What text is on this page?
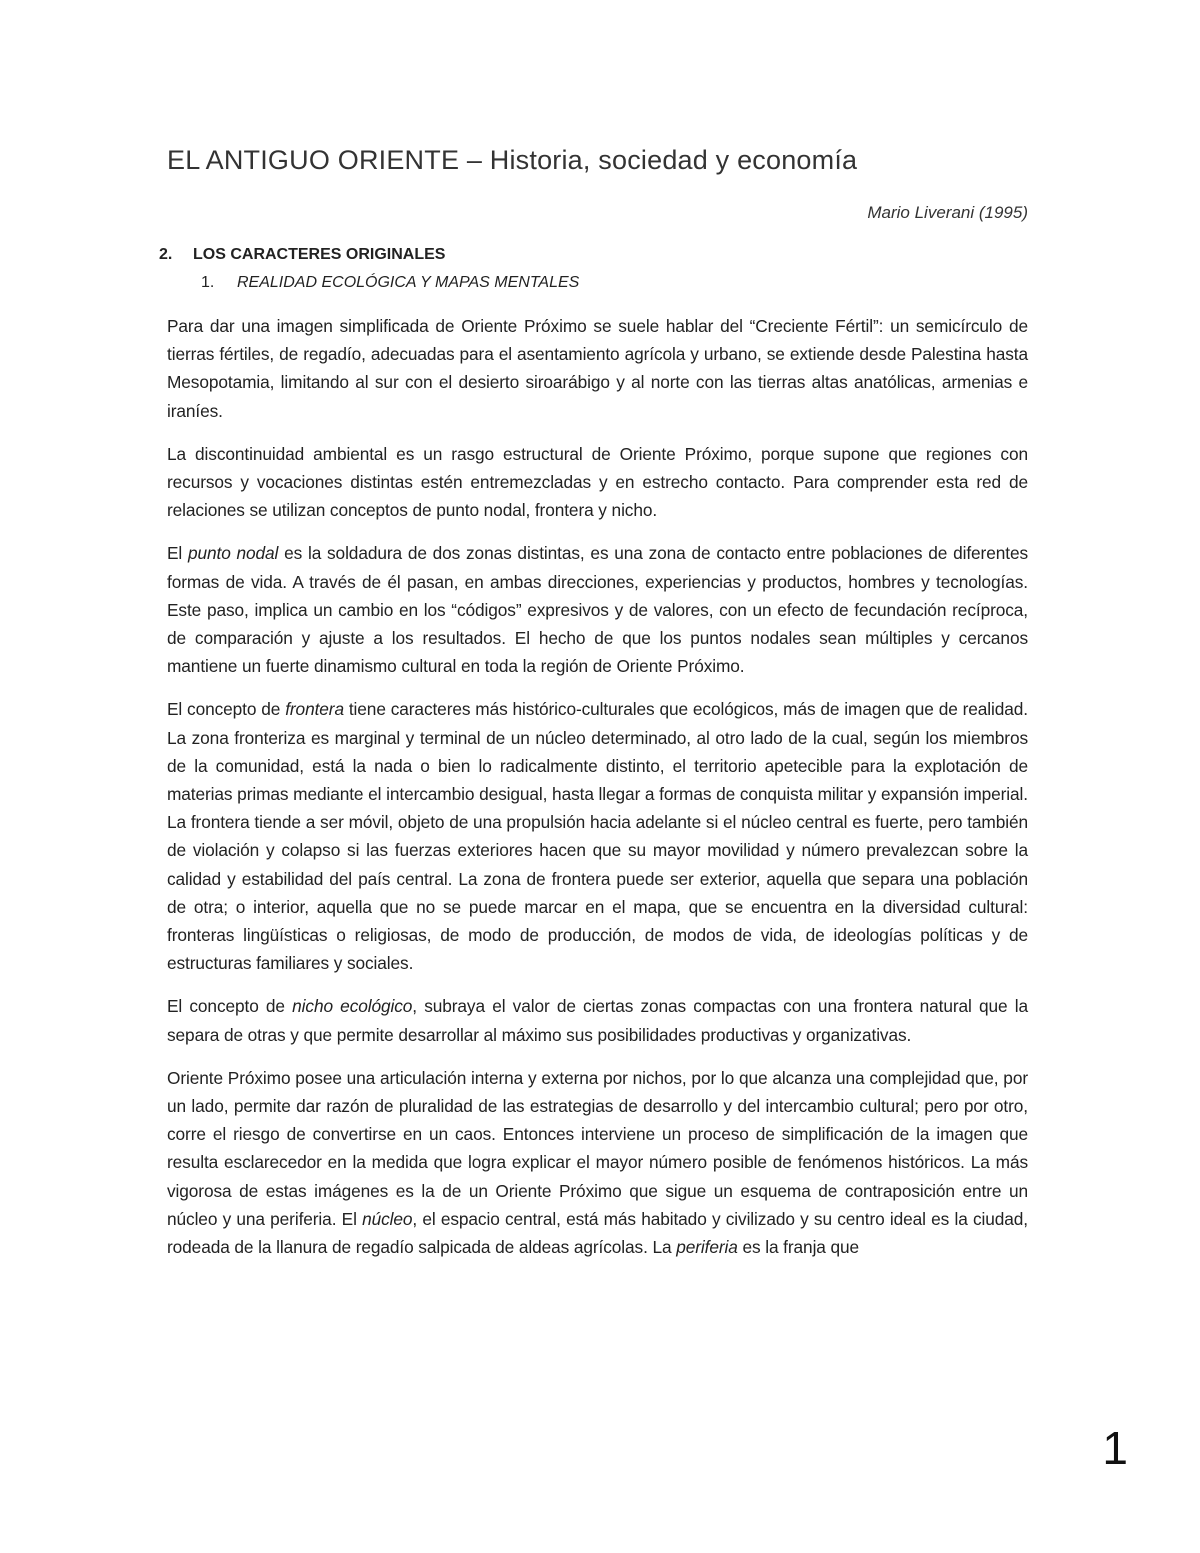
EL ANTIGUO ORIENTE – Historia, sociedad y economía
Mario Liverani (1995)
2.	LOS CARACTERES ORIGINALES
1.	REALIDAD ECOLÓGICA Y MAPAS MENTALES

Para dar una imagen simplificada de Oriente Próximo se suele hablar del “Creciente Fértil”: un semicírculo de tierras fértiles, de regadío, adecuadas para el asentamiento agrícola y urbano, se extiende desde Palestina hasta Mesopotamia, limitando al sur con el desierto siroarábigo y al norte con las tierras altas anatólicas, armenias e iraníes.

La discontinuidad ambiental es un rasgo estructural de Oriente Próximo, porque supone que regiones con recursos y vocaciones distintas estén entremezcladas y en estrecho contacto. Para comprender esta red de relaciones se utilizan conceptos de punto nodal, frontera y nicho.

El punto nodal es la soldadura de dos zonas distintas, es una zona de contacto entre poblaciones de diferentes formas de vida. A través de él pasan, en ambas direcciones, experiencias y productos, hombres y tecnologías. Este paso, implica un cambio en los “códigos” expresivos y de valores, con un efecto de fecundación recíproca, de comparación y ajuste a los resultados. El hecho de que los puntos nodales sean múltiples y cercanos mantiene un fuerte dinamismo cultural en toda la región de Oriente Próximo.

El concepto de frontera tiene caracteres más histórico-culturales que ecológicos, más de imagen que de realidad. La zona fronteriza es marginal y terminal de un núcleo determinado, al otro lado de la cual, según los miembros de la comunidad, está la nada o bien lo radicalmente distinto, el territorio apetecible para la explotación de materias primas mediante el intercambio desigual, hasta llegar a formas de conquista militar y expansión imperial. La frontera tiende a ser móvil, objeto de una propulsión hacia adelante si el núcleo central es fuerte, pero también de violación y colapso si las fuerzas exteriores hacen que su mayor movilidad y número prevalezcan sobre la calidad y estabilidad del país central. La zona de frontera puede ser exterior, aquella que separa una población de otra; o interior, aquella que no se puede marcar en el mapa, que se encuentra en la diversidad cultural: fronteras lingüísticas o religiosas, de modo de producción, de modos de vida, de ideologías políticas y de estructuras familiares y sociales.

El concepto de nicho ecológico, subraya el valor de ciertas zonas compactas con una frontera natural que la separa de otras y que permite desarrollar al máximo sus posibilidades productivas y organizativas.

Oriente Próximo posee una articulación interna y externa por nichos, por lo que alcanza una complejidad que, por un lado, permite dar razón de pluralidad de las estrategias de desarrollo y del intercambio cultural; pero por otro, corre el riesgo de convertirse en un caos. Entonces interviene un proceso de simplificación de la imagen que resulta esclarecedor en la medida que logra explicar el mayor número posible de fenómenos históricos. La más vigorosa de estas imágenes es la de un Oriente Próximo que sigue un esquema de contraposición entre un núcleo y una periferia. El núcleo, el espacio central, está más habitado y civilizado y su centro ideal es la ciudad, rodeada de la llanura de regadío salpicada de aldeas agrícolas. La periferia es la franja que

1
